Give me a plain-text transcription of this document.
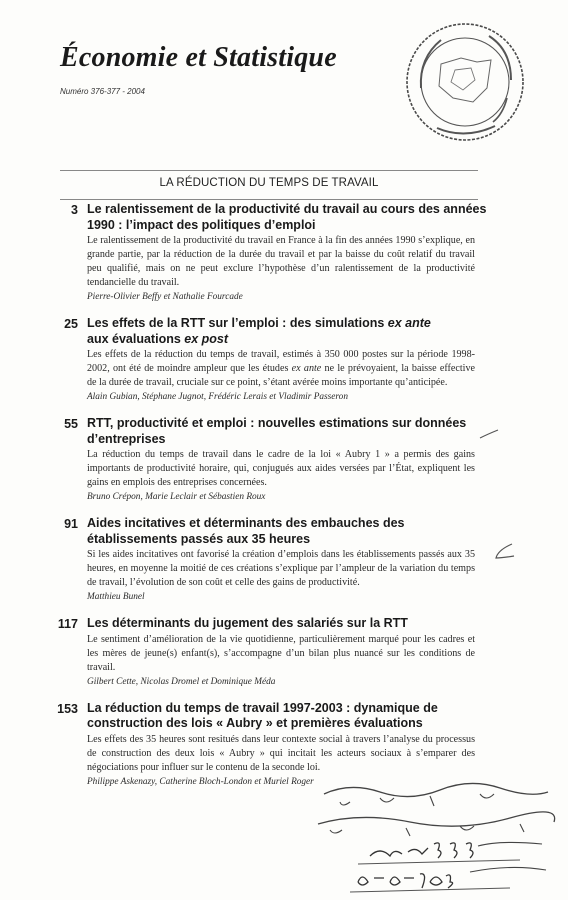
Économie et Statistique
Numéro 376-377 - 2004
LA RÉDUCTION DU TEMPS DE TRAVAIL
3 Le ralentissement de la productivité du travail au cours des années 1990 : l’impact des politiques d’emploi

Le ralentissement de la productivité du travail en France à la fin des années 1990 s’explique, en grande partie, par la réduction de la durée du travail et par la baisse du coût relatif du travail peu qualifié, mais on ne peut exclure l’hypothèse d’un ralentissement de la productivité tendancielle du travail.

Pierre-Olivier Beffy et Nathalie Fourcade

25 Les effets de la RTT sur l’emploi : des simulations ex ante
aux évaluations ex post

Les effets de la réduction du temps de travail, estimés à 350 000 postes sur la période 1998-2002, ont été de moindre ampleur que les études ex ante ne le prévoyaient, la baisse effective de la durée de travail, cruciale sur ce point, s’étant avérée moins importante qu’anticipée.

Alain Gubian, Stéphane Jugnot, Frédéric Lerais et Vladimir Passeron

55 RTT, productivité et emploi : nouvelles estimations sur données d’entreprises

La réduction du temps de travail dans le cadre de la loi « Aubry 1 » a permis des gains importants de productivité horaire, qui, conjugués aux aides versées par l’État, expliquent les gains en emplois des entreprises concernées.

Bruno Crépon, Marie Leclair et Sébastien Roux

91 Aides incitatives et déterminants des embauches des établissements passés aux 35 heures

Si les aides incitatives ont favorisé la création d’emplois dans les établissements passés aux 35 heures, en moyenne la moitié de ces créations s’explique par l’ampleur de la variation du temps de travail, l’évolution de son coût et celle des gains de productivité.

Matthieu Bunel

117 Les déterminants du jugement des salariés sur la RTT

Le sentiment d’amélioration de la vie quotidienne, particulièrement marqué pour les cadres et les mères de jeune(s) enfant(s), s’accompagne d’un bilan plus nuancé sur les conditions de travail.

Gilbert Cette, Nicolas Dromel et Dominique Méda

153 La réduction du temps de travail 1997-2003 : dynamique de construction des lois « Aubry » et premières évaluations

Les effets des 35 heures sont resitués dans leur contexte social à travers l’analyse du processus de construction des deux lois « Aubry » qui incitait les acteurs sociaux à s’emparer des négociations pour influer sur le contenu de la seconde loi.

Philippe Askenazy, Catherine Bloch-London et Muriel Roger
